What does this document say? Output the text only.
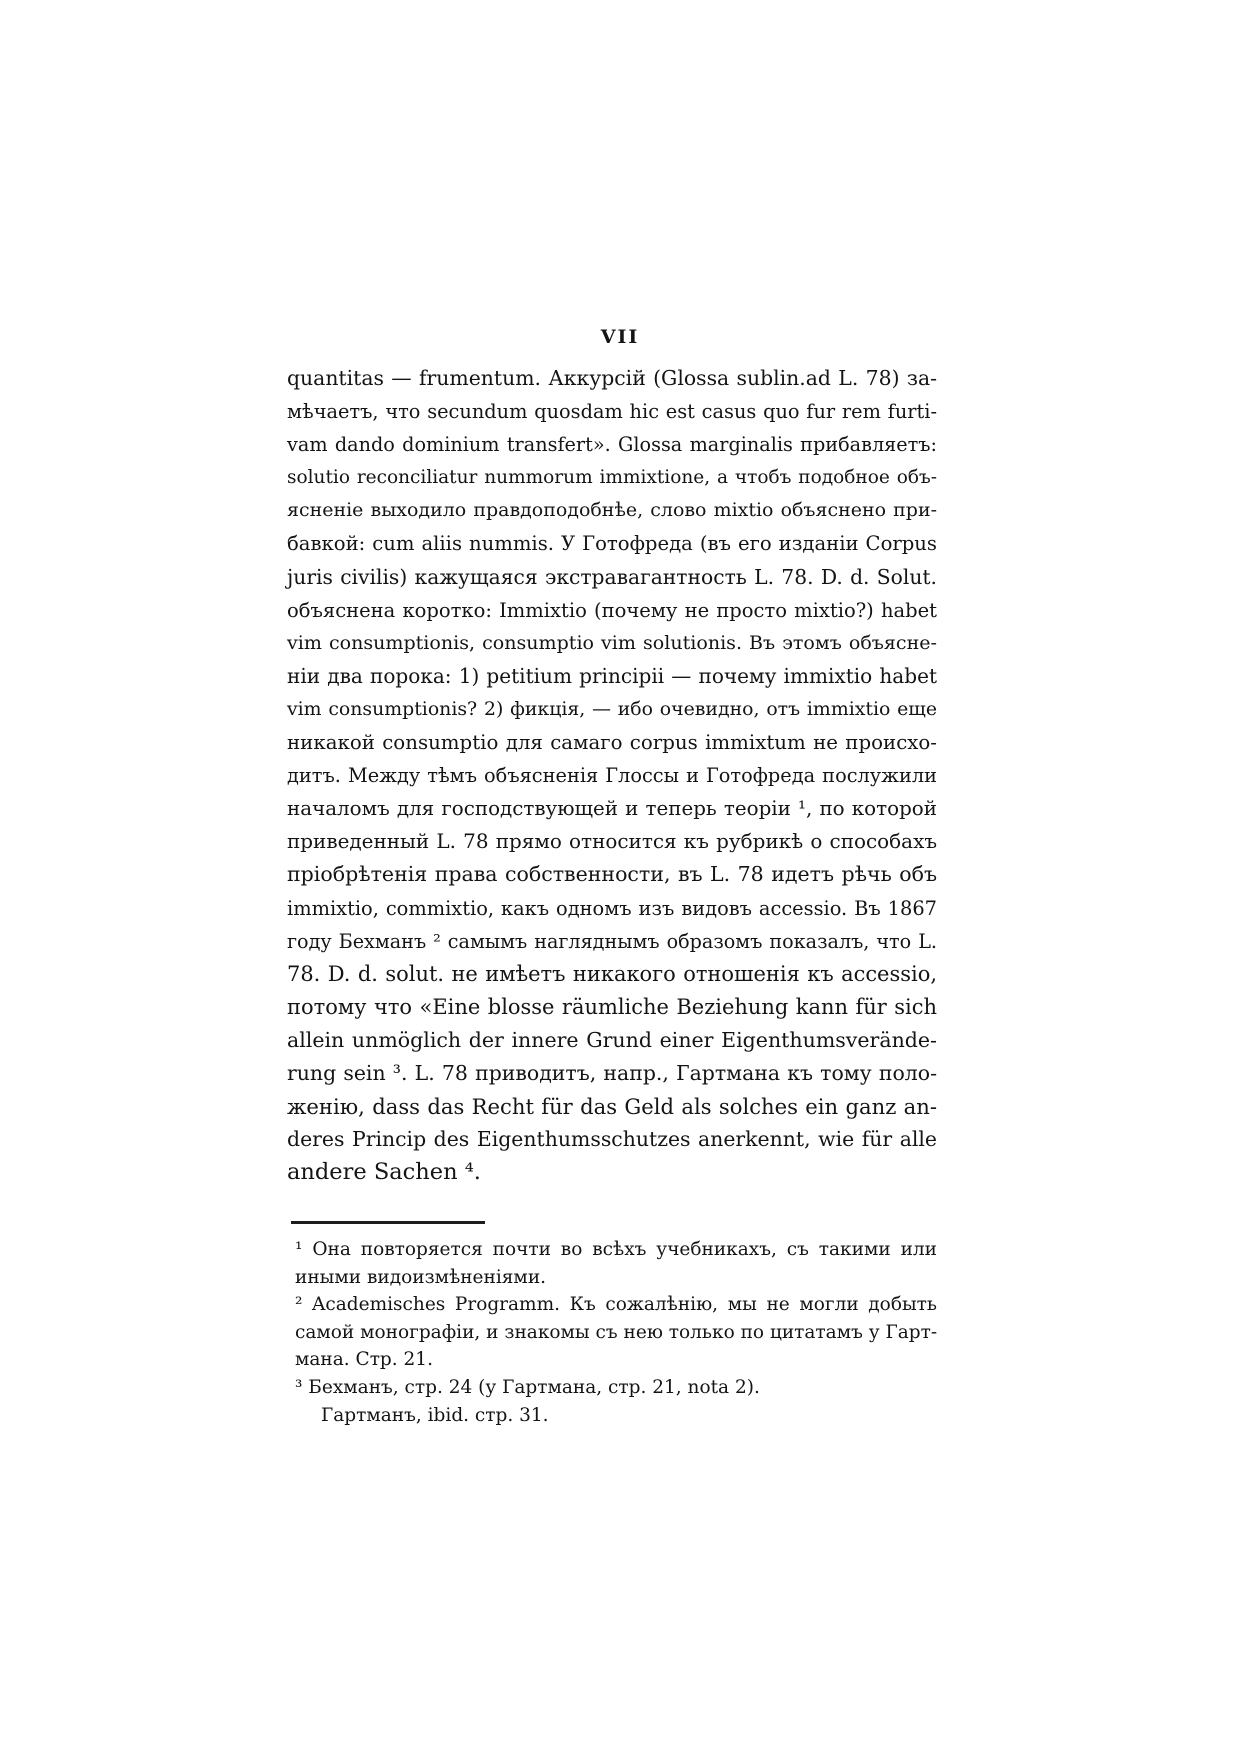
VII
quantitas — frumentum. Аккурсій (Glossa sublin.ad L. 78) за-
мѣчаетъ, что secundum quosdam hic est casus quo fur rem furti-
vam dando dominium transfert». Glossa marginalis прибавляетъ:
solutio reconciliatur nummorum immixtione, а чтобъ подобное объ-
ясненіе выходило правдоподобнѣе, слово mixtio объяснено при-
бавкой: cum aliis nummis. У Готофреда (въ его изданіи Corpus
juris civilis) кажущаяся экстравагантность L. 78. D. d. Solut.
объяснена коротко: Immixtio (почему не просто mixtio?) habet
vim consumptionis, consumptio vim solutionis. Въ этомъ объясне-
ніи два порока: 1) petitium principii — почему immixtio habet
vim consumptionis? 2) фикція, — ибо очевидно, отъ immixtio еще
никакой consumptio для самаго corpus immixtum не происхо-
дитъ. Между тѣмъ объясненія Глоссы и Готофреда послужили
началомъ для господствующей и теперь теоріи ¹, по которой
приведенный L. 78 прямо относится къ рубрикѣ о способахъ
пріобрѣтенія права собственности, въ L. 78 идетъ рѣчь объ
immixtio, commixtio, какъ одномъ изъ видовъ accessio. Въ 1867
году Бехманъ ² самымъ нагляднымъ образомъ показалъ, что L.
78. D. d. solut. не имѣетъ никакого отношенія къ accessio,
потому что «Eine blosse räumliche Beziehung kann für sich
allein unmöglich der innere Grund einer Eigenthumsverände-
rung sein ³. L. 78 приводитъ, напр., Гартмана къ тому поло-
женію, dass das Recht für das Geld als solches ein ganz an-
deres Princip des Eigenthumsschutzes anerkennt, wie für alle
andere Sachen ⁴.
¹ Она повторяется почти во всѣхъ учебникахъ, съ такими или
иными видоизмѣненіями.
² Academisches Programm. Къ сожалѣнію, мы не могли добыть
самой монографіи, и знакомы съ нею только по цитатамъ у Гарт-
мана. Стр. 21.
³ Бехманъ, стр. 24 (у Гартмана, стр. 21, nota 2).
Гартманъ, ibid. стр. 31.
